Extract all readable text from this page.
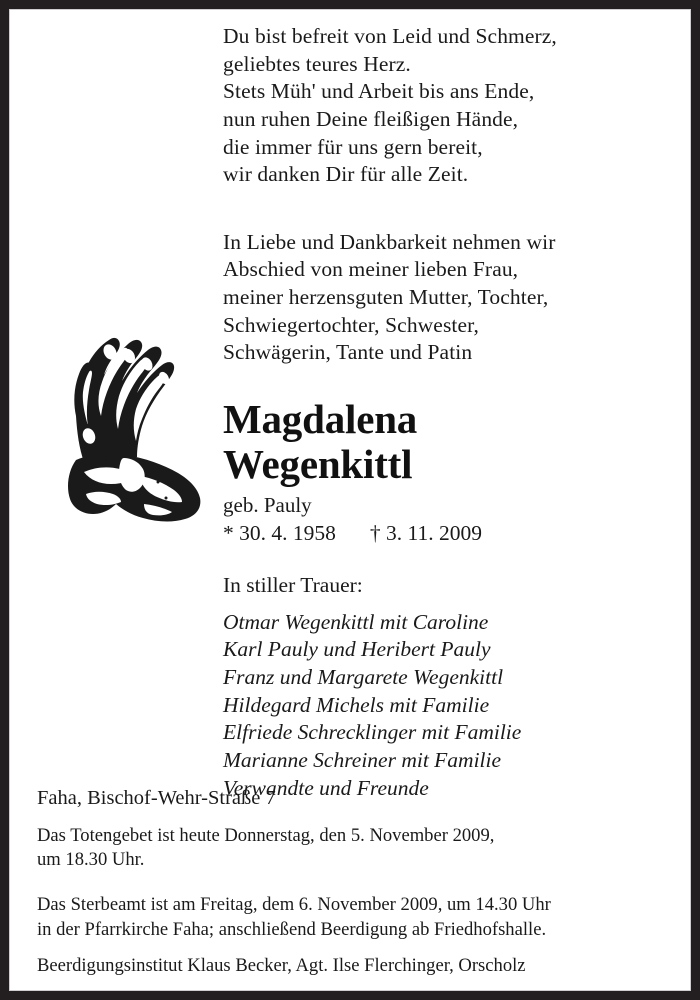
Du bist befreit von Leid und Schmerz,
geliebtes teures Herz.
Stets Müh' und Arbeit bis ans Ende,
nun ruhen Deine fleißigen Hände,
die immer für uns gern bereit,
wir danken Dir für alle Zeit.
In Liebe und Dankbarkeit nehmen wir
Abschied von meiner lieben Frau,
meiner herzensguten Mutter, Tochter,
Schwiegertochter, Schwester,
Schwägerin, Tante und Patin
Magdalena
Wegenkittl
geb. Pauly
* 30. 4. 1958 † 3. 11. 2009
In stiller Trauer:
Otmar Wegenkittl mit Caroline
Karl Pauly und Heribert Pauly
Franz und Margarete Wegenkittl
Hildegard Michels mit Familie
Elfriede Schrecklinger mit Familie
Marianne Schreiner mit Familie
Verwandte und Freunde
Faha, Bischof-Wehr-Straße 7
Das Totengebet ist heute Donnerstag, den 5. November 2009,
um 18.30 Uhr.
Das Sterbeamt ist am Freitag, dem 6. November 2009, um 14.30 Uhr
in der Pfarrkirche Faha; anschließend Beerdigung ab Friedhofshalle.
Beerdigungsinstitut Klaus Becker, Agt. Ilse Flerchinger, Orscholz
